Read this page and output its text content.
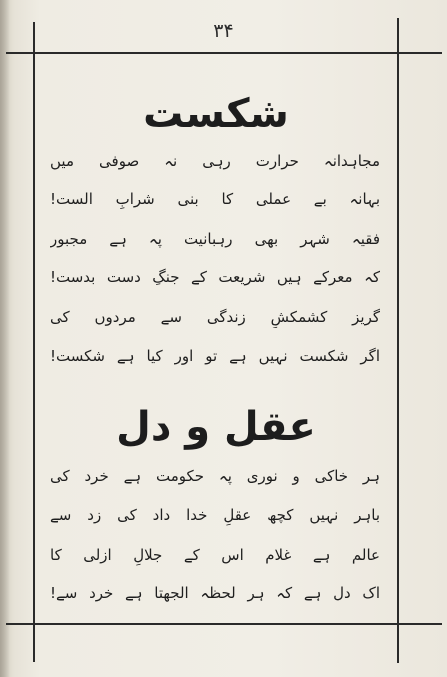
۳۴
شکست
مجاہدانہ حرارت رہی نہ صوفی میں
بہانہ بے عملی کا بنی شرابِ الست!
فقیہ شہر بھی رہبانیت پہ ہے مجبور
کہ معرکے ہیں شریعت کے جنگِ دست بدست!
گریز کشمکشِ زندگی سے مردوں کی
اگر شکست نہیں ہے تو اور کیا ہے شکست!
عقل و دل
ہر خاکی و نوری پہ حکومت ہے خرد کی
باہر نہیں کچھ عقلِ خدا داد کی زد سے
عالم ہے غلام اس کے جلالِ ازلی کا
اک دل ہے کہ ہر لحظہ الجھتا ہے خرد سے!
